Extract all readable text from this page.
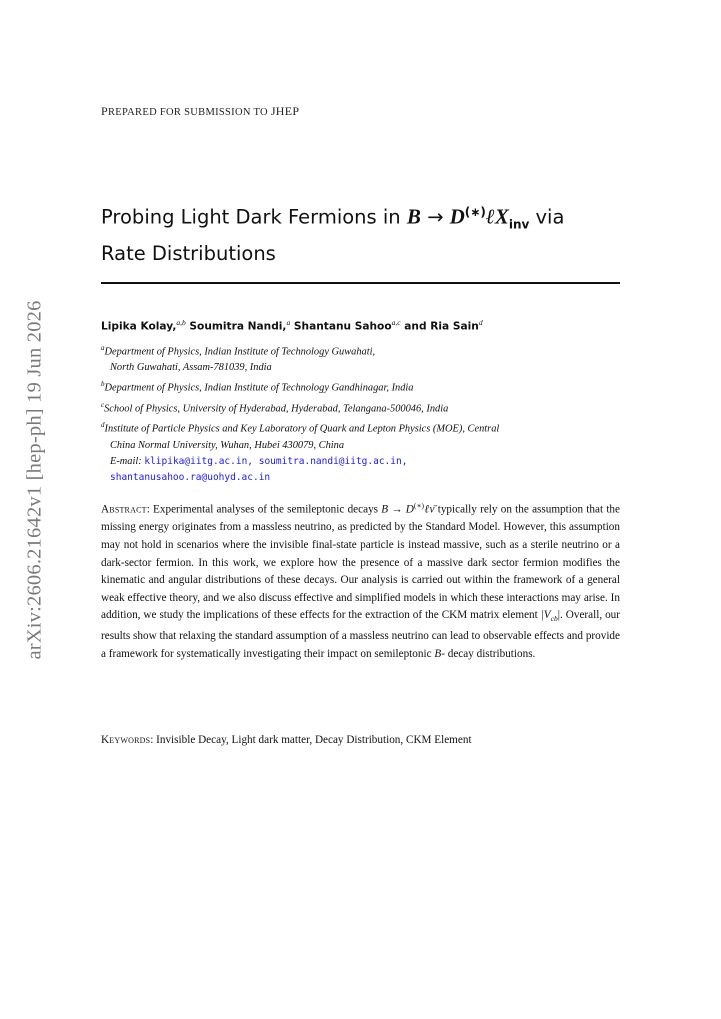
arXiv:2606.21642v1 [hep-ph] 19 Jun 2026
PREPARED FOR SUBMISSION TO JHEP
Probing Light Dark Fermions in B → D(∗)ℓX$_{inv}$ via
Rate Distributions
Lipika Kolay,$^{a,b}$ Soumitra Nandi,$^a$ Shantanu Sahoo$^{a,c}$ and Ria Sain$^d$
$^a$Department of Physics, Indian Institute of Technology Guwahati,
North Guwahati, Assam-781039, India
$^b$Department of Physics, Indian Institute of Technology Gandhinagar, India
$^c$School of Physics, University of Hyderabad, Hyderabad, Telangana-500046, India
$^d$Institute of Particle Physics and Key Laboratory of Quark and Lepton Physics (MOE), Central
China Normal University, Wuhan, Hubei 430079, China
E-mail: klipika@iitg.ac.in, soumitra.nandi@iitg.ac.in,
shantanusahoo.ra@uohyd.ac.in
Abstract: Experimental analyses of the semileptonic decays B → D(∗)ℓν̄ typically rely on the assumption that the missing energy originates from a massless neutrino, as predicted by the Standard Model. However, this assumption may not hold in scenarios where the invisible final-state particle is instead massive, such as a sterile neutrino or a dark-sector fermion. In this work, we explore how the presence of a massive dark sector fermion modifies the kinematic and angular distributions of these decays. Our analysis is carried out within the framework of a general weak effective theory, and we also discuss effective and simplified models in which these interactions may arise. In addition, we study the implications of these effects for the extraction of the CKM matrix element $|V_{cb}|$. Overall, our results show that relaxing the standard assumption of a massless neutrino can lead to observable effects and provide a framework for systematically investigating their impact on semileptonic B- decay distributions.
Keywords: Invisible Decay, Light dark matter, Decay Distribution, CKM Element
